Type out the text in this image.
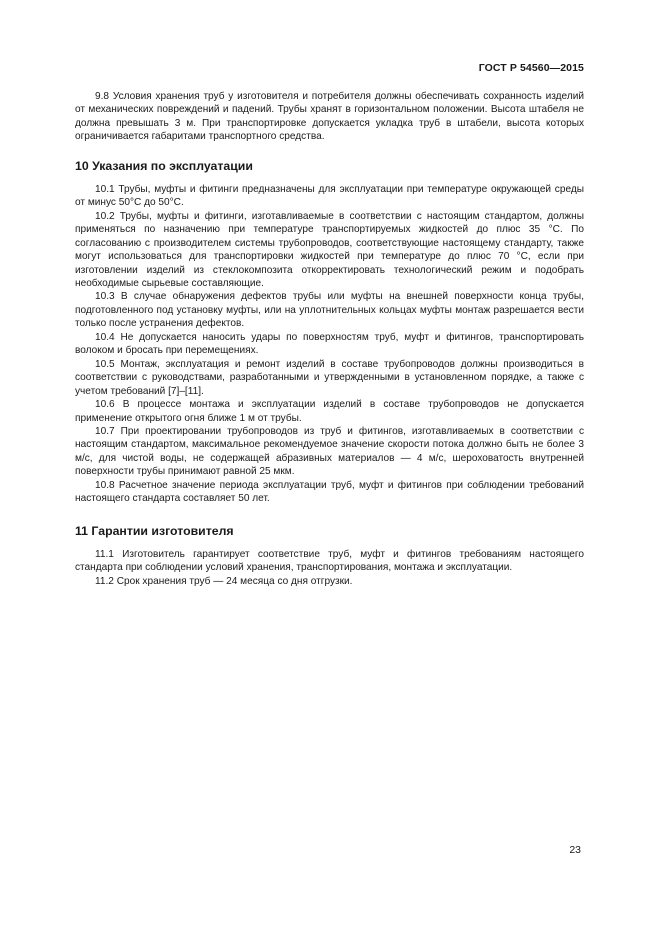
ГОСТ Р 54560—2015

9.8 Условия хранения труб у изготовителя и потребителя должны обеспечивать сохранность изделий от механических повреждений и падений. Трубы хранят в горизонтальном положении. Высота штабеля не должна превышать 3 м. При транспортировке допускается укладка труб в штабели, высота которых ограничивается габаритами транспортного средства.

10 Указания по эксплуатации

10.1 Трубы, муфты и фитинги предназначены для эксплуатации при температуре окружающей среды от минус 50°С до 50°С.

10.2 Трубы, муфты и фитинги, изготавливаемые в соответствии с настоящим стандартом, должны применяться по назначению при температуре транспортируемых жидкостей до плюс 35 °С. По согласованию с производителем системы трубопроводов, соответствующие настоящему стандарту, также могут использоваться для транспортировки жидкостей при температуре до плюс 70 °С, если при изготовлении изделий из стеклокомпозита откорректировать технологический режим и подобрать необходимые сырьевые составляющие.

10.3 В случае обнаружения дефектов трубы или муфты на внешней поверхности конца трубы, подготовленного под установку муфты, или на уплотнительных кольцах муфты монтаж разрешается вести только после устранения дефектов.

10.4 Не допускается наносить удары по поверхностям труб, муфт и фитингов, транспортировать волоком и бросать при перемещениях.

10.5 Монтаж, эксплуатация и ремонт изделий в составе трубопроводов должны производиться в соответствии с руководствами, разработанными и утвержденными в установленном порядке, а также с учетом требований [7]–[11].

10.6 В процессе монтажа и эксплуатации изделий в составе трубопроводов не допускается применение открытого огня ближе 1 м от трубы.

10.7 При проектировании трубопроводов из труб и фитингов, изготавливаемых в соответствии с настоящим стандартом, максимальное рекомендуемое значение скорости потока должно быть не более 3 м/с, для чистой воды, не содержащей абразивных материалов — 4 м/с, шероховатость внутренней поверхности трубы принимают равной 25 мкм.

10.8 Расчетное значение периода эксплуатации труб, муфт и фитингов при соблюдении требований настоящего стандарта составляет 50 лет.

11 Гарантии изготовителя

11.1 Изготовитель гарантирует соответствие труб, муфт и фитингов требованиям настоящего стандарта при соблюдении условий хранения, транспортирования, монтажа и эксплуатации.

11.2 Срок хранения труб — 24 месяца со дня отгрузки.

23
